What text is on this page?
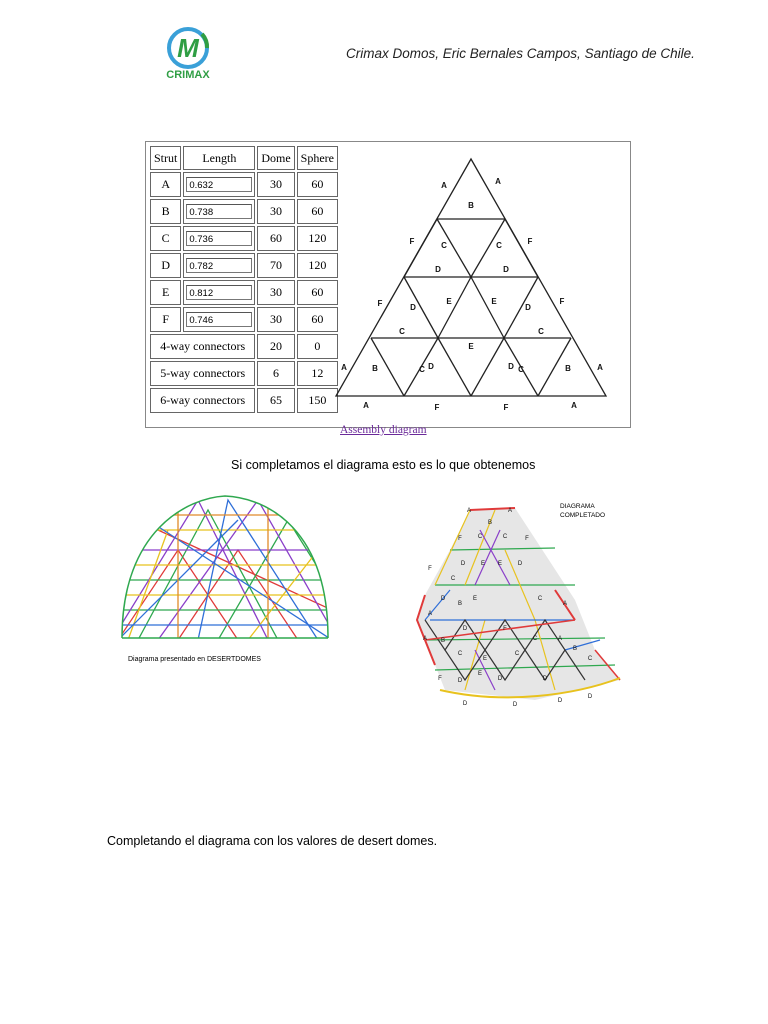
M
CRIMAX
Crimax Domos, Eric Bernales Campos, Santiago de Chile.
Strut	Length	Dome	Sphere
A	0.632	30	60
B	0.738	30	60
C	0.736	60	120
D	0.782	70	120
E	0.812	30	60
F	0.746	30	60
4-way connectors		20	0
5-way connectors		6	12
6-way connectors		65	150
A	A
B
F	C	C	F
D	D
F	D
E	E
D
F
C	C
E
A	B	C D	D C	B	A
A	F	F	A
Assembly diagram
Si completamos el diagrama esto es lo que obtenemos
Diagrama presentado en DESERTDOMES
A	A
B
F	C	C	F
D	E E	D
F
C
E	C
A
D
B	A
A B
D	F
C	A
C
E
C
B
C
F	D
E
D	D
D	D
D
D
DIAGRAMA
COMPLETADO
Completando el diagrama con los valores de desert domes.
